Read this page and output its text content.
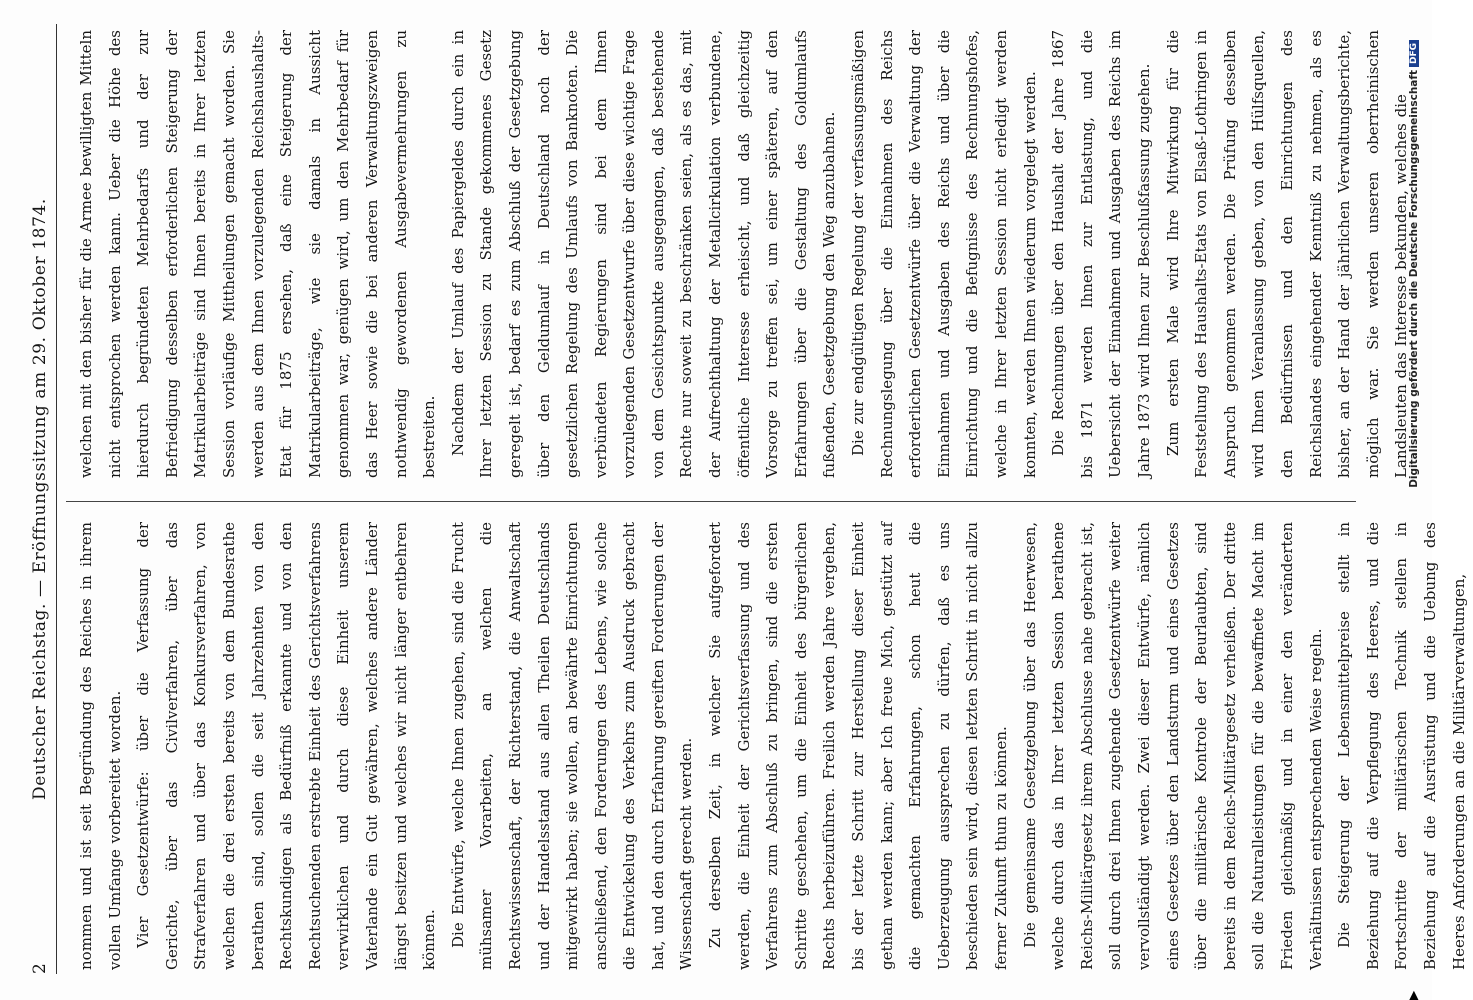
2
Deutscher Reichstag. — Eröffnungssitzung am 29. Oktober 1874.	nommen und ist seit Begründung des Reiches in ihrem vollen Umfange vorbereitet worden. Vier Gesetzentwürfe: über die Verfassung der Gerichte, über das Civilverfahren, über das Strafverfahren und über das Konkursverfahren, von welchen die drei ersten bereits von dem Bundesrathe berathen sind, sollen die seit Jahrzehnten von den Rechtskundigen als Bedürfniß erkannte und von den Rechtsuchenden erstrebte Einheit des Gerichtsverfahrens verwirklichen und durch diese Einheit unserem Vaterlande ein Gut gewähren, welches andere Länder längst besitzen und welches wir nicht länger entbehren können. Die Entwürfe, welche Ihnen zugehen, sind die Frucht mühsamer Vorarbeiten, an welchen die Rechtswissenschaft, der Richterstand, die Anwaltschaft und der Handelsstand aus allen Theilen Deutschlands mitgewirkt haben; sie wollen, an bewährte Einrichtungen anschließend, den Forderungen des Lebens, wie solche die Entwickelung des Verkehrs zum Ausdruck gebracht hat, und den durch Erfahrung gereiften Forderungen der Wissenschaft gerecht werden. Zu derselben Zeit, in welcher Sie aufgefordert werden, die Einheit der Gerichtsverfassung und des Verfahrens zum Abschluß zu bringen, sind die ersten Schritte geschehen, um die Einheit des bürgerlichen Rechts herbeizuführen. Freilich werden Jahre vergehen, bis der letzte Schritt zur Herstellung dieser Einheit gethan werden kann; aber Ich freue Mich, gestützt auf die gemachten Erfahrungen, schon heut die Ueberzeugung aussprechen zu dürfen, daß es uns beschieden sein wird, diesen letzten Schritt in nicht allzu ferner Zukunft thun zu können. Die gemeinsame Gesetzgebung über das Heerwesen, welche durch das in Ihrer letzten Session berathene Reichs-Militärgesetz ihrem Abschlusse nahe gebracht ist, soll durch drei Ihnen zugehende Gesetzentwürfe weiter vervollständigt werden. Zwei dieser Entwürfe, nämlich eines Gesetzes über den Landsturm und eines Gesetzes über die militärische Kontrole der Beurlaubten, sind bereits in dem Reichs-Militärgesetz verheißen. Der dritte soll die Naturalleistungen für die bewaffnete Macht im Frieden gleichmäßig und in einer den veränderten Verhältnissen entsprechenden Weise regeln. Die Steigerung der Lebensmittelpreise stellt in Beziehung auf die Verpflegung des Heeres, und die Fortschritte der militärischen Technik stellen in Beziehung auf die Ausrüstung und die Uebung des Heeres Anforderungen an die Militärverwaltungen,

welchen mit den bisher für die Armee bewilligten Mitteln nicht entsprochen werden kann. Ueber die Höhe des hierdurch begründeten Mehrbedarfs und der zur Befriedigung desselben erforderlichen Steigerung der Matrikularbeiträge sind Ihnen bereits in Ihrer letzten Session vorläufige Mittheilungen gemacht worden. Sie werden aus dem Ihnen vorzulegenden Reichshaushalts-Etat für 1875 ersehen, daß eine Steigerung der Matrikularbeiträge, wie sie damals in Aussicht genommen war, genügen wird, um den Mehrbedarf für das Heer sowie die bei anderen Verwaltungszweigen nothwendig gewordenen Ausgabevermehrungen zu bestreiten. Nachdem der Umlauf des Papiergeldes durch ein in Ihrer letzten Session zu Stande gekommenes Gesetz geregelt ist, bedarf es zum Abschluß der Gesetzgebung über den Geldumlauf in Deutschland noch der gesetzlichen Regelung des Umlaufs von Banknoten. Die verbündeten Regierungen sind bei dem Ihnen vorzulegenden Gesetzentwurfe über diese wichtige Frage von dem Gesichtspunkte ausgegangen, daß bestehende Rechte nur soweit zu beschränken seien, als es das, mit der Aufrechthaltung der Metallcirkulation verbundene, öffentliche Interesse erheischt, und daß gleichzeitig Vorsorge zu treffen sei, um einer späteren, auf den Erfahrungen über die Gestaltung des Goldumlaufs fußenden, Gesetzgebung den Weg anzubahnen. Die zur endgültigen Regelung der verfassungsmäßigen Rechnungslegung über die Einnahmen des Reichs erforderlichen Gesetzentwürfe über die Verwaltung der Einnahmen und Ausgaben des Reichs und über die Einrichtung und die Befugnisse des Rechnungshofes, welche in Ihrer letzten Session nicht erledigt werden konnten, werden Ihnen wiederum vorgelegt werden. Die Rechnungen über den Haushalt der Jahre 1867 bis 1871 werden Ihnen zur Entlastung, und die Uebersicht der Einnahmen und Ausgaben des Reichs im Jahre 1873 wird Ihnen zur Beschlußfassung zugehen. Zum ersten Male wird Ihre Mitwirkung für die Feststellung des Haushalts-Etats von Elsaß-Lothringen in Anspruch genommen werden. Die Prüfung desselben wird Ihnen Veranlassung geben, von den Hülfsquellen, den Bedürfnissen und den Einrichtungen des Reichslandes eingehender Kenntniß zu nehmen, als es bisher, an der Hand der jährlichen Verwaltungsberichte, möglich war. Sie werden unseren oberrheinischen Landsleuten das Interesse bekunden, welches die

Digitalisierung gefördert durch die Deutsche ForschungsgemeinschaftDFG
▶
